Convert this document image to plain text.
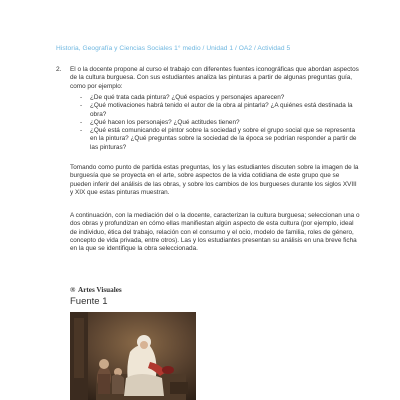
Historia, Geografía y Ciencias Sociales 1° medio / Unidad 1 / OA2 / Actividad 5
2. El o la docente propone al curso el trabajo con diferentes fuentes iconográficas que abordan aspectos de la cultura burguesa. Con sus estudiantes analiza las pinturas a partir de algunas preguntas guía, como por ejemplo:
- ¿De qué trata cada pintura? ¿Qué espacios y personajes aparecen?
- ¿Qué motivaciones habrá tenido el autor de la obra al pintarla? ¿A quiénes está destinada la obra?
- ¿Qué hacen los personajes? ¿Qué actitudes tienen?
- ¿Qué está comunicando el pintor sobre la sociedad y sobre el grupo social que se representa en la pintura? ¿Qué preguntas sobre la sociedad de la época se podrían responder a partir de las pinturas?
Tomando como punto de partida estas preguntas, los y las estudiantes discuten sobre la imagen de la burguesía que se proyecta en el arte, sobre aspectos de la vida cotidiana de este grupo que se pueden inferir del análisis de las obras, y sobre los cambios de los burgueses durante los siglos XVIII y XIX que estas pinturas muestran.
A continuación, con la mediación del o la docente, caracterizan la cultura burguesa; seleccionan una o dos obras y profundizan en cómo ellas manifiestan algún aspecto de esta cultura (por ejemplo, ideal de individuo, ética del trabajo, relación con el consumo y el ocio, modelo de familia, roles de género, concepto de vida privada, entre otros). Las y los estudiantes presentan su análisis en una breve ficha en la que se identifique la obra seleccionada.
® Artes Visuales
Fuente 1
